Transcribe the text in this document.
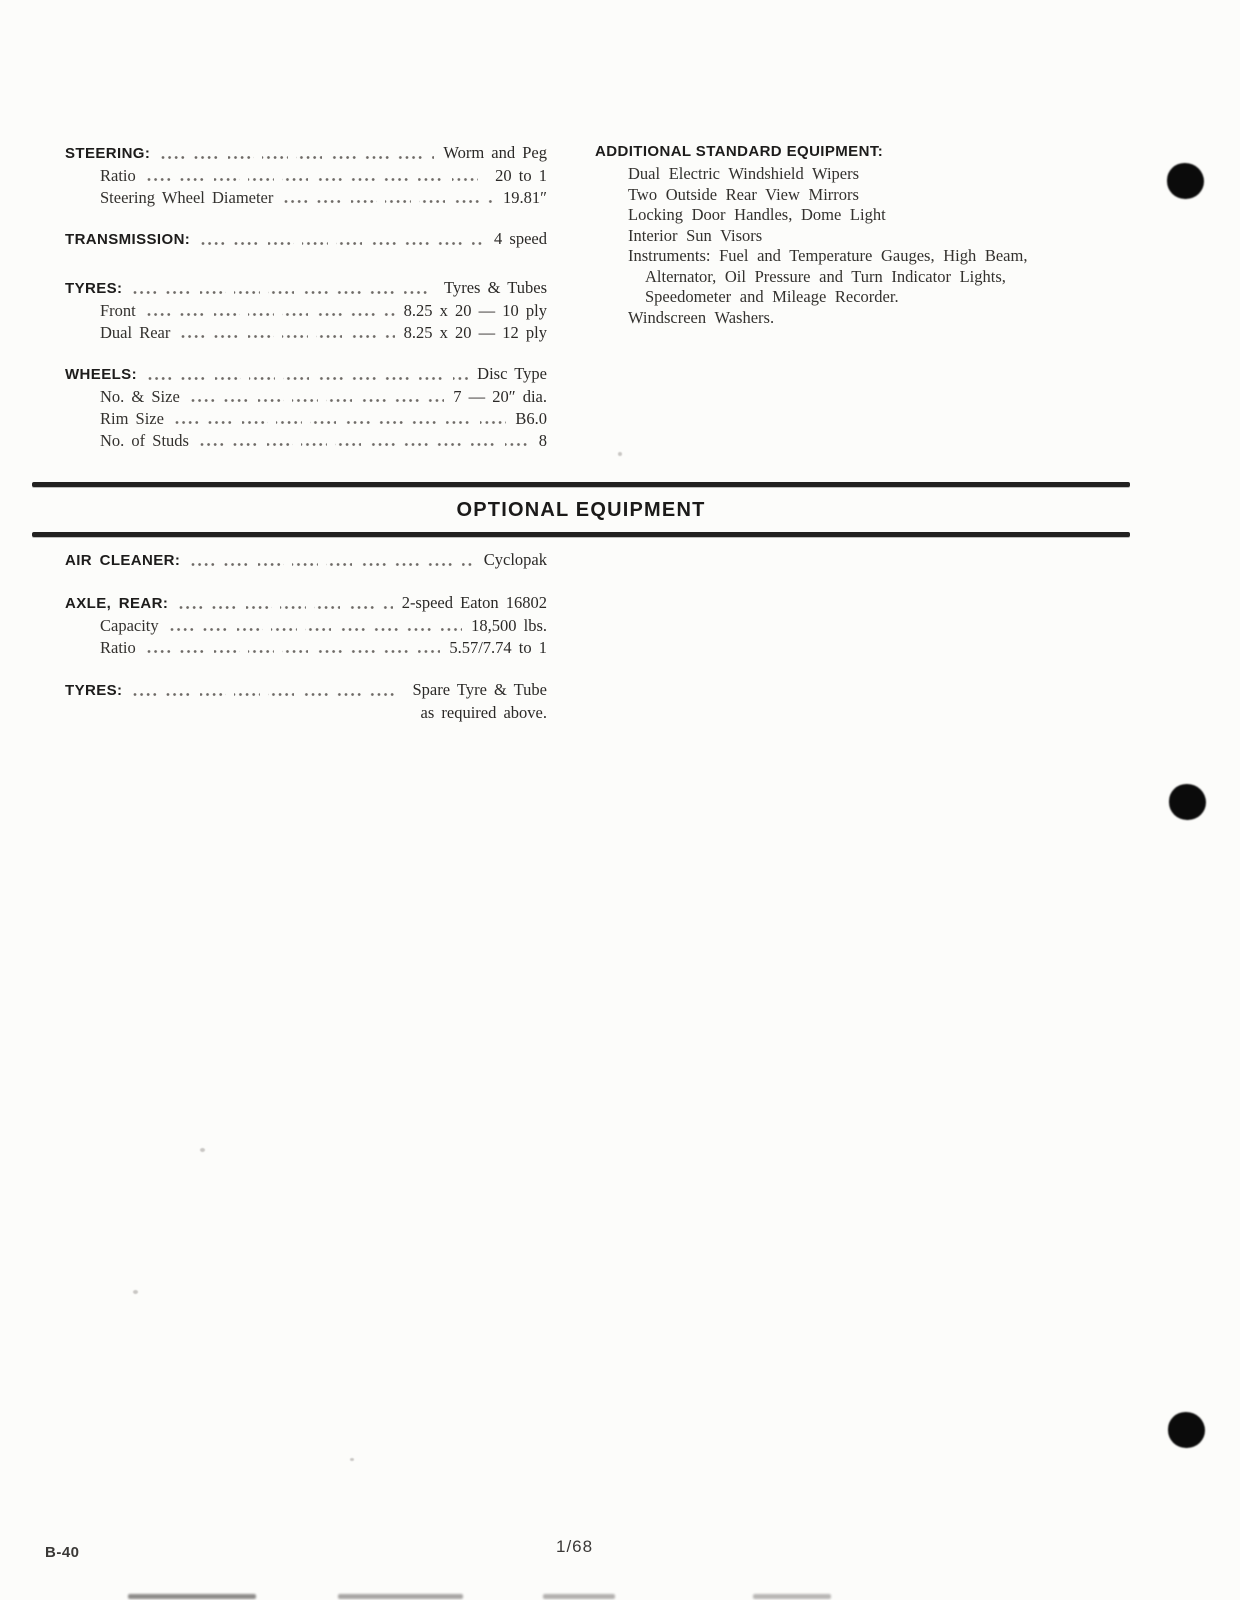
STEERING:	Worm and Peg
Ratio	20 to 1
Steering Wheel Diameter	19.81″
TRANSMISSION:	4 speed
TYRES:	Tyres & Tubes
Front	8.25 x 20 — 10 ply
Dual Rear	8.25 x 20 — 12 ply
WHEELS:	Disc Type
No. & Size	7 — 20″ dia.
Rim Size	B6.0
No. of Studs	8
ADDITIONAL STANDARD EQUIPMENT:
Dual Electric Windshield Wipers
Two Outside Rear View Mirrors
Locking Door Handles, Dome Light
Interior Sun Visors
Instruments: Fuel and Temperature Gauges, High Beam,
Alternator, Oil Pressure and Turn Indicator Lights,
Speedometer and Mileage Recorder.
Windscreen Washers.
OPTIONAL EQUIPMENT
AIR CLEANER:	Cyclopak
AXLE, REAR:	2-speed Eaton 16802
Capacity	18,500 lbs.
Ratio	5.57/7.74 to 1
TYRES:	Spare Tyre & Tube
as required above.
B-40	1/68
